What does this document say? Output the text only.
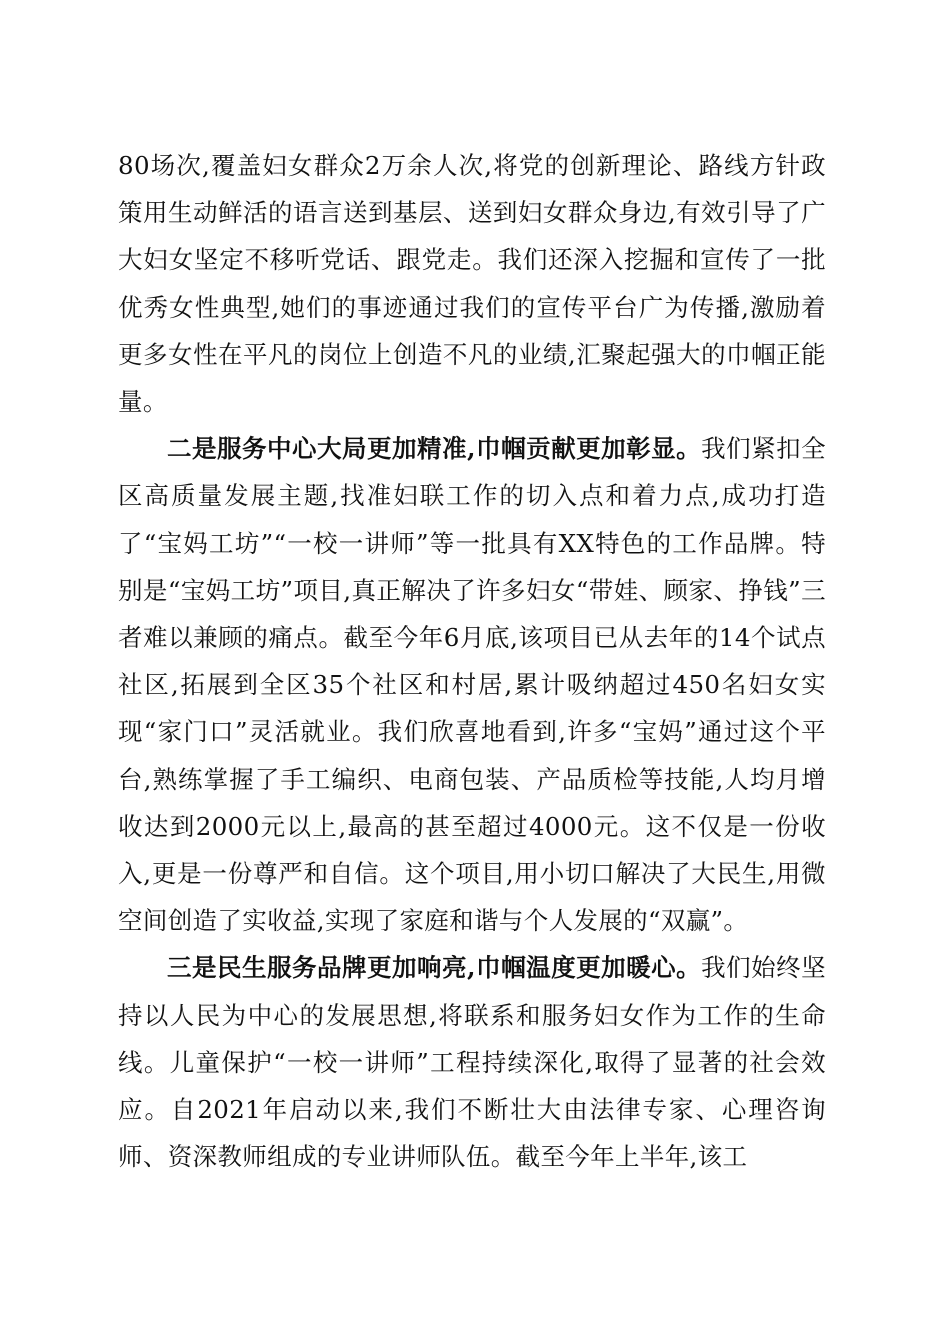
80场次,覆盖妇女群众2万余人次,将党的创新理论、路线方针政策用生动鲜活的语言送到基层、送到妇女群众身边,有效引导了广大妇女坚定不移听党话、跟党走。我们还深入挖掘和宣传了一批优秀女性典型,她们的事迹通过我们的宣传平台广为传播,激励着更多女性在平凡的岗位上创造不凡的业绩,汇聚起强大的巾帼正能量。

二是服务中心大局更加精准,巾帼贡献更加彰显。我们紧扣全区高质量发展主题,找准妇联工作的切入点和着力点,成功打造了“宝妈工坊”“一校一讲师”等一批具有XX特色的工作品牌。特别是“宝妈工坊”项目,真正解决了许多妇女“带娃、顾家、挣钱”三者难以兼顾的痛点。截至今年6月底,该项目已从去年的14个试点社区,拓展到全区35个社区和村居,累计吸纳超过450名妇女实现“家门口”灵活就业。我们欣喜地看到,许多“宝妈”通过这个平台,熟练掌握了手工编织、电商包装、产品质检等技能,人均月增收达到2000元以上,最高的甚至超过4000元。这不仅是一份收入,更是一份尊严和自信。这个项目,用小切口解决了大民生,用微空间创造了实收益,实现了家庭和谐与个人发展的“双赢”。

三是民生服务品牌更加响亮,巾帼温度更加暖心。我们始终坚持以人民为中心的发展思想,将联系和服务妇女作为工作的生命线。儿童保护“一校一讲师”工程持续深化,取得了显著的社会效应。自2021年启动以来,我们不断壮大由法律专家、心理咨询师、资深教师组成的专业讲师队伍。截至今年上半年,该工
